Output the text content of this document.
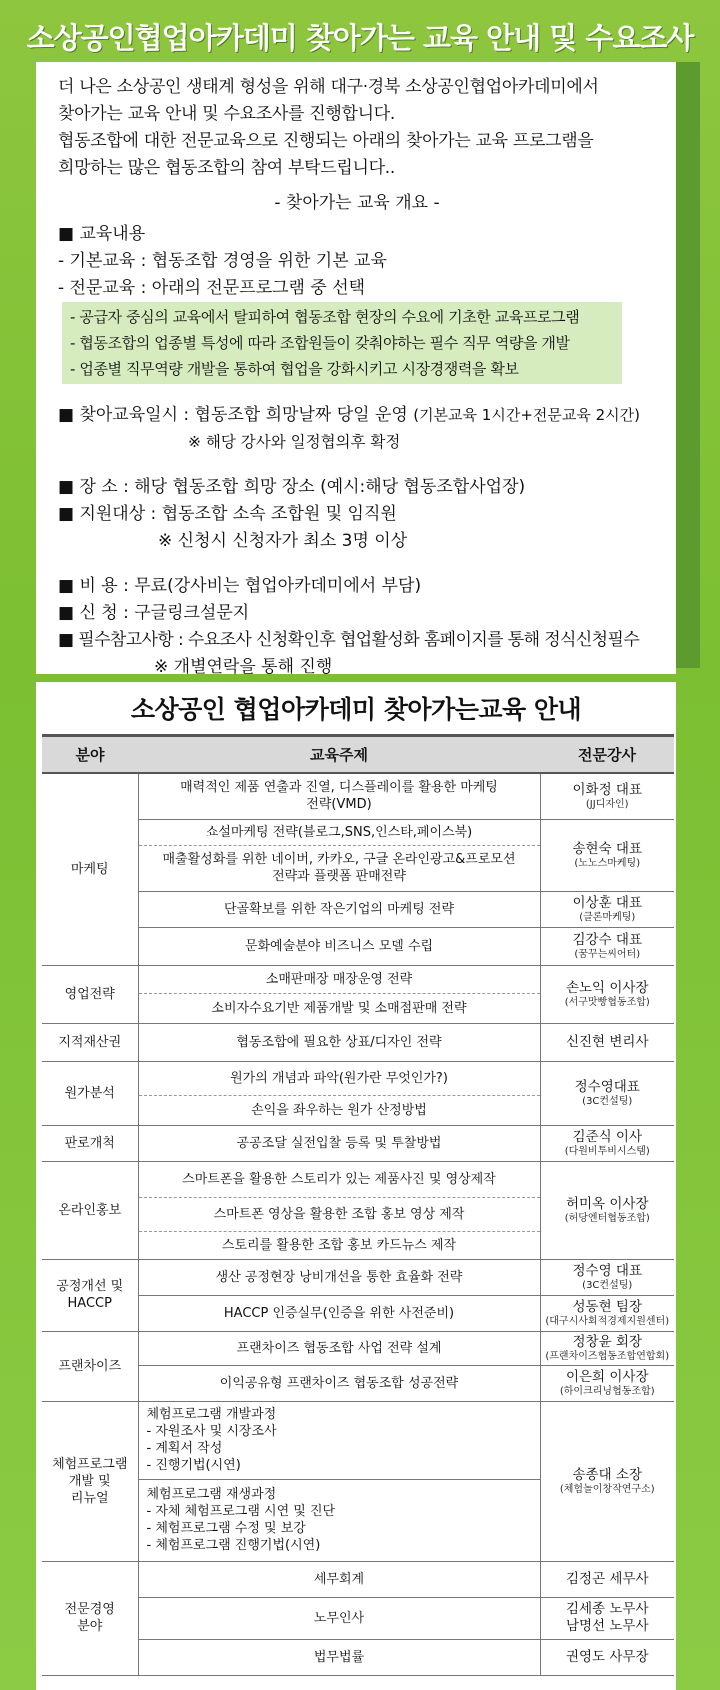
소상공인협업아카데미 찾아가는 교육 안내 및 수요조사
더 나은 소상공인 생태계 형성을 위해 대구·경북 소상공인협업아카데미에서
찾아가는 교육 안내 및 수요조사를 진행합니다.
협동조합에 대한 전문교육으로 진행되는 아래의 찾아가는 교육 프로그램을
희망하는 많은 협동조합의 참여 부탁드립니다..
- 찾아가는 교육 개요 -
■ 교육내용
- 기본교육 : 협동조합 경영을 위한 기본 교육
- 전문교육 : 아래의 전문프로그램 중 선택
- 공급자 중심의 교육에서 탈피하여 협동조합 현장의 수요에 기초한 교육프로그램
- 협동조합의 업종별 특성에 따라 조합원들이 갖춰야하는 필수 직무 역량을 개발
- 업종별 직무역량 개발을 통하여 협업을 강화시키고 시장경쟁력을 확보
■ 찾아교육일시 : 협동조합 희망날짜 당일 운영 (기본교육 1시간+전문교육 2시간)
※ 해당 강사와 일정협의후 확정
■ 장 소 : 해당 협동조합 희망 장소 (예시:해당 협동조합사업장)
■ 지원대상 : 협동조합 소속 조합원 및 임직원
※ 신청시 신청자가 최소 3명 이상
■ 비 용 : 무료(강사비는 협업아카데미에서 부담)
■ 신 청 : 구글링크설문지
■ 필수참고사항 : 수요조사 신청확인후 협업활성화 홈페이지를 통해 정식신청필수
※ 개별연락을 통해 진행
소상공인 협업아카데미 찾아가는교육 안내
분야	교육주제	전문강사
마케팅	매력적인 제품 연출과 진열, 디스플레이를 활용한 마케팅
전략(VMD)	이화정 대표
(JJ디자인)

	쇼설마케팅 전략(블로그,SNS,인스타,페이스북)	송현숙 대표
(노노스마케팅)

	매출활성화를 위한 네이버, 카카오, 구글 온라인광고&프로모션
전략과 플랫폼 판매전략	

	단골확보를 위한 작은기업의 마케팅 전략	이상훈 대표
(클론마케팅)

	문화예술분야 비즈니스 모델 수립	김강수 대표
(꿈꾸는씨어터)

영업전략	소매판매장 매장운영 전략	손노익 이사장
(서구맛빵협동조합)

	소비자수요기반 제품개발 및 소매점판매 전략	
지적재산권	협동조합에 필요한 상표/디자인 전략	신진현 변리사
원가분석	원가의 개념과 파악(원가란 무엇인가?)	정수영대표
(3C컨설팅)

	손익을 좌우하는 원가 산정방법	
판로개척	공공조달 실전입찰 등록 및 투찰방법	김준식 이사
(다원비투비시스템)

온라인홍보	스마트폰을 활용한 스토리가 있는 제품사진 및 영상제작	허미옥 이사장
(허당엔터협동조합)

	스마트폰 영상을 활용한 조합 홍보 영상 제작	
	스토리를 활용한 조합 홍보 카드뉴스 제작	

공정개선 및
HACCP	생산 공정현장 낭비개선을 통한 효율화 전략	정수영 대표
(3C컨설팅)

	HACCP 인증실무(인증을 위한 사전준비)	성동현 팀장
(대구시사회적경제지원센터)

프랜차이즈	프랜차이즈 협동조합 사업 전략 설계	정창윤 회장
(프랜차이즈협동조합연합회)

	이익공유형 프랜차이즈 협동조합 성공전략	이은희 이사장
(하이크리닝협동조합)

체험프로그램
개발 및
리뉴얼	체험프로그램 개발과정
- 자원조사 및 시장조사
- 계획서 작성
- 진행기법(시연)	송종대 소장
(체험놀이창작연구소)

	체험프로그램 재생과정
- 자체 체험프로그램 시연 및 진단
- 체험프로그램 수정 및 보강
- 체험프로그램 진행기법(시연)	

전문경영
분야	세무회계	김정곤 세무사
	노무인사	김세종 노무사
남명선 노무사

	법무법률	권영도 사무장
